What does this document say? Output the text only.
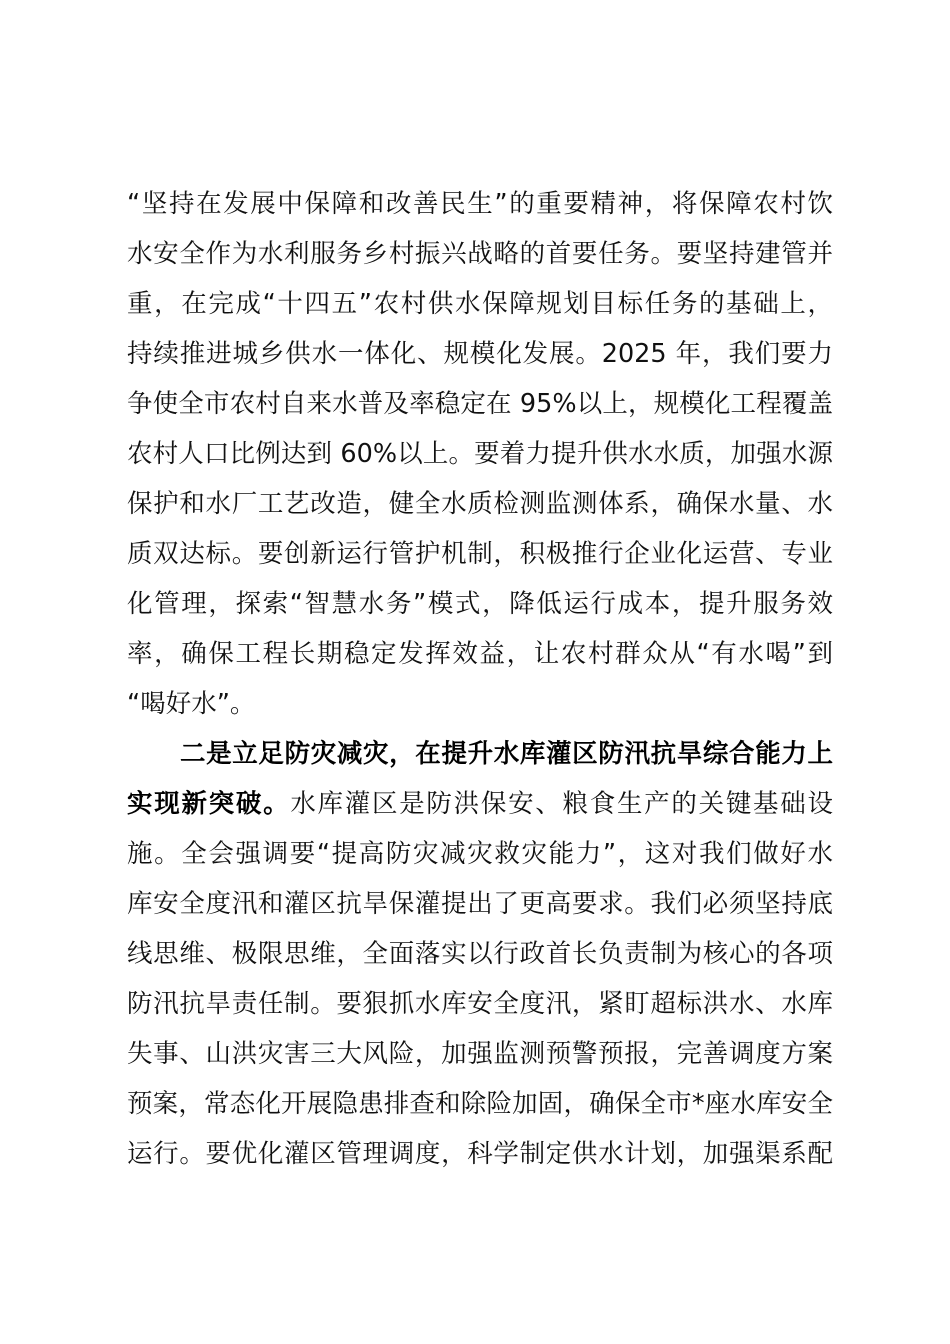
“坚持在发展中保障和改善民生”的重要精神，将保障农村饮
水安全作为水利服务乡村振兴战略的首要任务。要坚持建管并
重，在完成“十四五”农村供水保障规划目标任务的基础上，
持续推进城乡供水一体化、规模化发展。2025 年，我们要力
争使全市农村自来水普及率稳定在 95%以上，规模化工程覆盖
农村人口比例达到 60%以上。要着力提升供水水质，加强水源
保护和水厂工艺改造，健全水质检测监测体系，确保水量、水
质双达标。要创新运行管护机制，积极推行企业化运营、专业
化管理，探索“智慧水务”模式，降低运行成本，提升服务效
率，确保工程长期稳定发挥效益，让农村群众从“有水喝”到
“喝好水”。
二是立足防灾减灾，在提升水库灌区防汛抗旱综合能力上
实现新突破。水库灌区是防洪保安、粮食生产的关键基础设
施。全会强调要“提高防灾减灾救灾能力”，这对我们做好水
库安全度汛和灌区抗旱保灌提出了更高要求。我们必须坚持底
线思维、极限思维，全面落实以行政首长负责制为核心的各项
防汛抗旱责任制。要狠抓水库安全度汛，紧盯超标洪水、水库
失事、山洪灾害三大风险，加强监测预警预报，完善调度方案
预案，常态化开展隐患排查和除险加固，确保全市*座水库安全
运行。要优化灌区管理调度，科学制定供水计划，加强渠系配
